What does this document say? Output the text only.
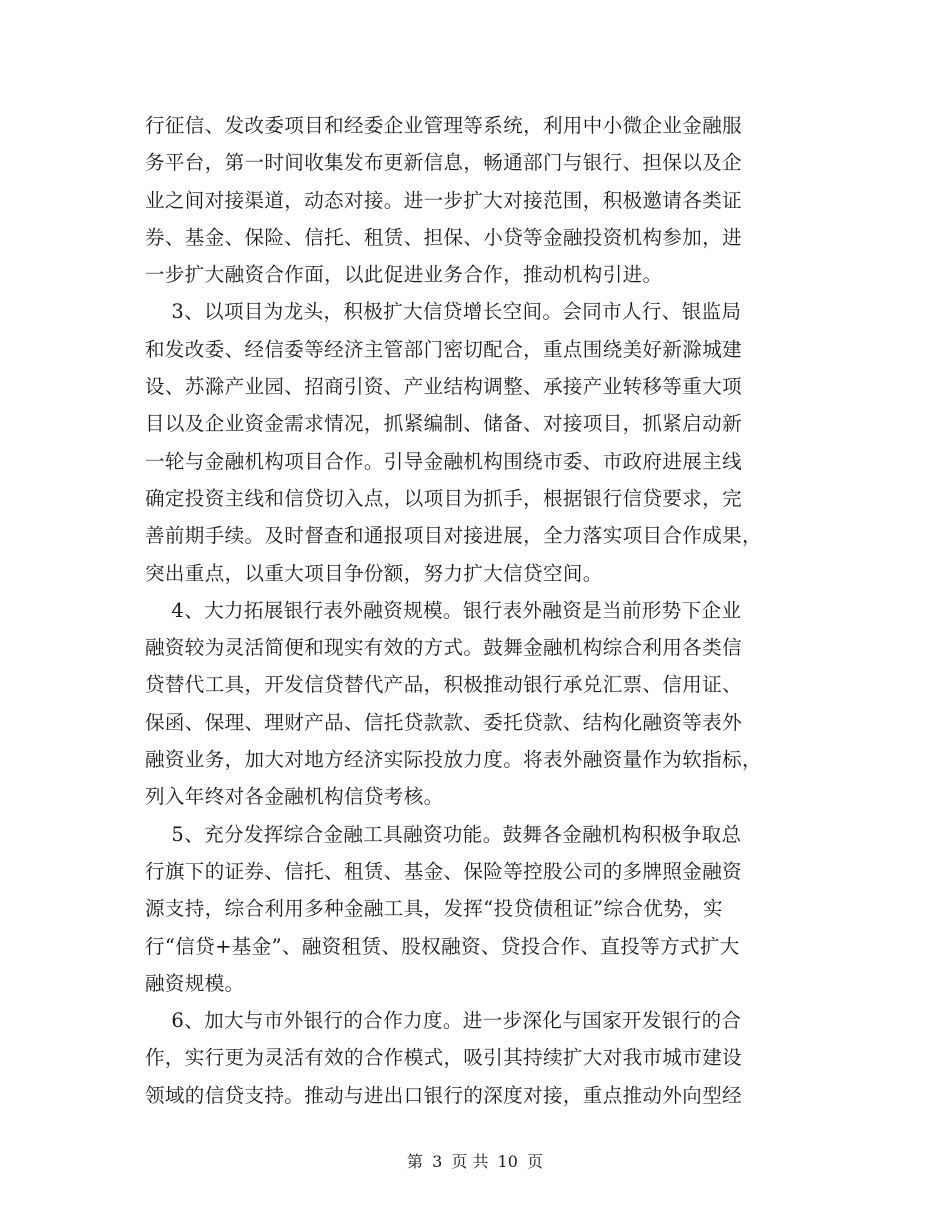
行征信、发改委项目和经委企业管理等系统，利用中小微企业金融服
务平台，第一时间收集发布更新信息，畅通部门与银行、担保以及企
业之间对接渠道，动态对接。进一步扩大对接范围，积极邀请各类证
券、基金、保险、信托、租赁、担保、小贷等金融投资机构参加，进
一步扩大融资合作面，以此促进业务合作，推动机构引进。
3、以项目为龙头，积极扩大信贷增长空间。会同市人行、银监局
和发改委、经信委等经济主管部门密切配合，重点围绕美好新滁城建
设、苏滁产业园、招商引资、产业结构调整、承接产业转移等重大项
目以及企业资金需求情况，抓紧编制、储备、对接项目，抓紧启动新
一轮与金融机构项目合作。引导金融机构围绕市委、市政府进展主线
确定投资主线和信贷切入点，以项目为抓手，根据银行信贷要求，完
善前期手续。及时督查和通报项目对接进展，全力落实项目合作成果，
突出重点，以重大项目争份额，努力扩大信贷空间。
4、大力拓展银行表外融资规模。银行表外融资是当前形势下企业
融资较为灵活简便和现实有效的方式。鼓舞金融机构综合利用各类信
贷替代工具，开发信贷替代产品，积极推动银行承兑汇票、信用证、
保函、保理、理财产品、信托贷款款、委托贷款、结构化融资等表外
融资业务，加大对地方经济实际投放力度。将表外融资量作为软指标，
列入年终对各金融机构信贷考核。
5、充分发挥综合金融工具融资功能。鼓舞各金融机构积极争取总
行旗下的证券、信托、租赁、基金、保险等控股公司的多牌照金融资
源支持，综合利用多种金融工具，发挥“投贷债租证”综合优势，实
行“信贷+基金”、融资租赁、股权融资、贷投合作、直投等方式扩大
融资规模。
6、加大与市外银行的合作力度。进一步深化与国家开发银行的合
作，实行更为灵活有效的合作模式，吸引其持续扩大对我市城市建设
领域的信贷支持。推动与进出口银行的深度对接，重点推动外向型经
第 3 页 共 10 页
